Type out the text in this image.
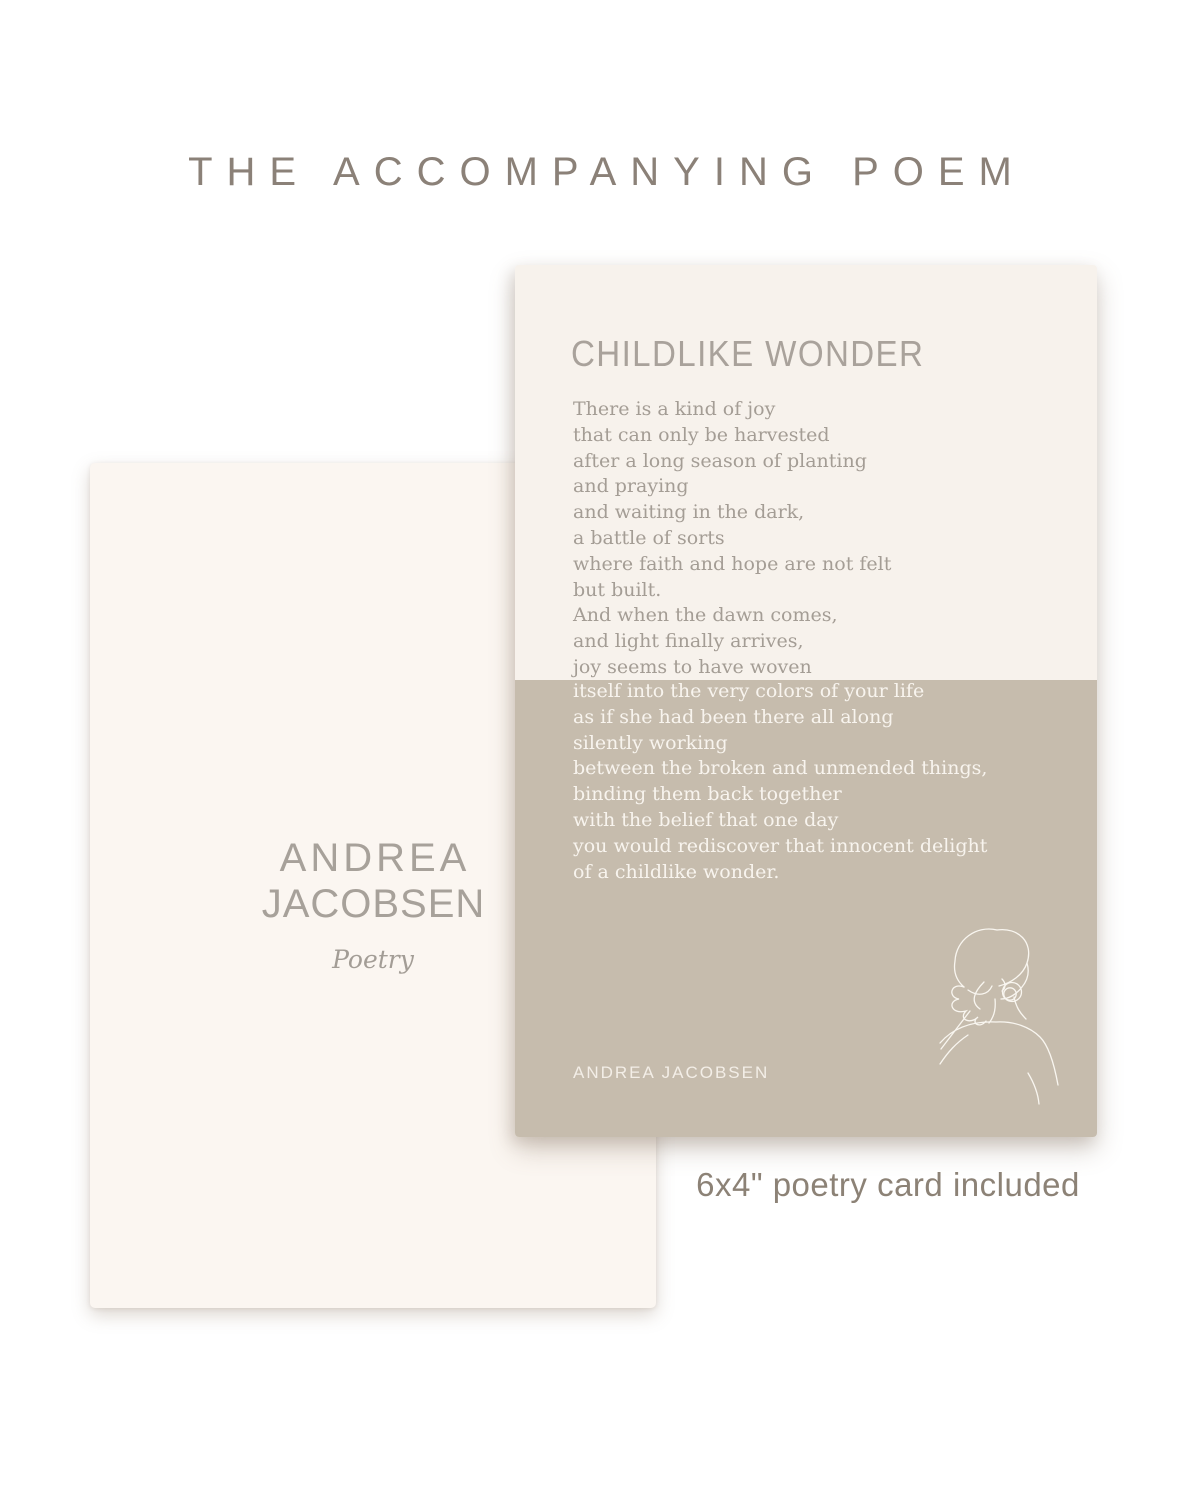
THE ACCOMPANYING POEM
ANDREA
JACOBSEN
Poetry
CHILDLIKE WONDER
There is a kind of joy
that can only be harvested
after a long season of planting
and praying
and waiting in the dark,
a battle of sorts
where faith and hope are not felt
but built.
And when the dawn comes,
and light finally arrives,
joy seems to have woven
itself into the very colors of your life
as if she had been there all along
silently working
between the broken and unmended things,
binding them back together
with the belief that one day
you would rediscover that innocent delight
of a childlike wonder.
ANDREA JACOBSEN
6x4" poetry card included
